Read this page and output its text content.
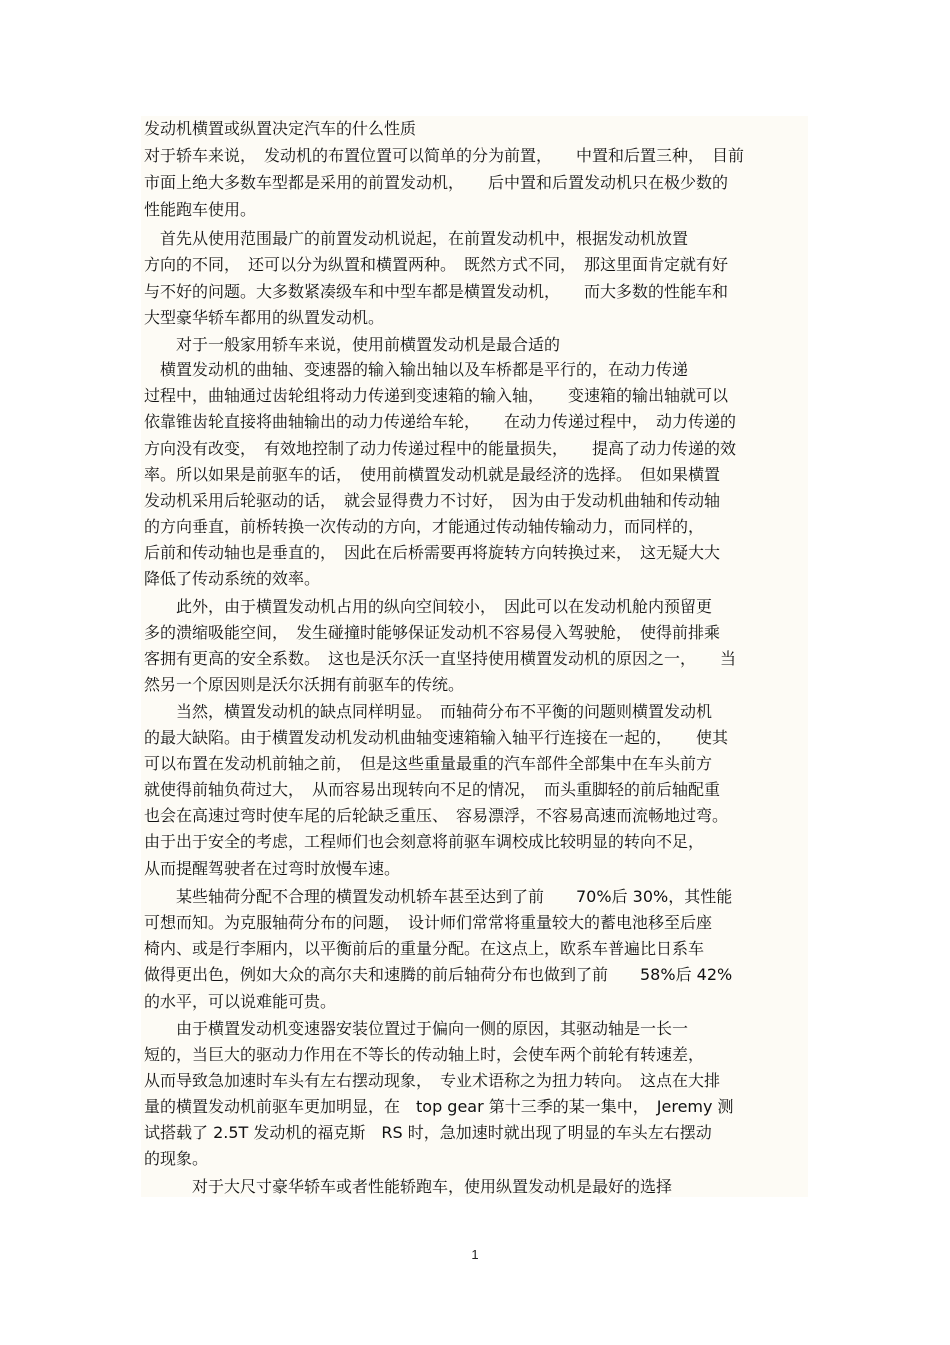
发动机横置或纵置决定汽车的什么性质
对于轿车来说，　发动机的布置位置可以简单的分为前置，　　中置和后置三种，　目前
市面上绝大多数车型都是采用的前置发动机，　　后中置和后置发动机只在极少数的
性能跑车使用。
　首先从使用范围最广的前置发动机说起，在前置发动机中，根据发动机放置
方向的不同，　还可以分为纵置和横置两种。　既然方式不同，　那这里面肯定就有好
与不好的问题。大多数紧凑级车和中型车都是横置发动机，　　而大多数的性能车和
大型豪华轿车都用的纵置发动机。
　　对于一般家用轿车来说，使用前横置发动机是最合适的
　横置发动机的曲轴、变速器的输入输出轴以及车桥都是平行的，在动力传递
过程中，曲轴通过齿轮组将动力传递到变速箱的输入轴，　　变速箱的输出轴就可以
依靠锥齿轮直接将曲轴输出的动力传递给车轮，　　在动力传递过程中，　动力传递的
方向没有改变，　有效地控制了动力传递过程中的能量损失，　　提高了动力传递的效
率。所以如果是前驱车的话，　使用前横置发动机就是最经济的选择。　但如果横置
发动机采用后轮驱动的话，　就会显得费力不讨好，　因为由于发动机曲轴和传动轴
的方向垂直，前桥转换一次传动的方向，才能通过传动轴传输动力，而同样的，
后前和传动轴也是垂直的，　因此在后桥需要再将旋转方向转换过来，　这无疑大大
降低了传动系统的效率。
　　此外，由于横置发动机占用的纵向空间较小，　因此可以在发动机舱内预留更
多的溃缩吸能空间，　发生碰撞时能够保证发动机不容易侵入驾驶舱，　使得前排乘
客拥有更高的安全系数。　这也是沃尔沃一直坚持使用横置发动机的原因之一，　　当
然另一个原因则是沃尔沃拥有前驱车的传统。
　　当然，横置发动机的缺点同样明显。　而轴荷分布不平衡的问题则横置发动机
的最大缺陷。由于横置发动机发动机曲轴变速箱输入轴平行连接在一起的，　　使其
可以布置在发动机前轴之前，　但是这些重量最重的汽车部件全部集中在车头前方
就使得前轴负荷过大，　从而容易出现转向不足的情况，　而头重脚轻的前后轴配重
也会在高速过弯时使车尾的后轮缺乏重压、　容易漂浮，不容易高速而流畅地过弯。
由于出于安全的考虑，工程师们也会刻意将前驱车调校成比较明显的转向不足，
从而提醒驾驶者在过弯时放慢车速。
　　某些轴荷分配不合理的横置发动机轿车甚至达到了前　　70%后 30%，其性能
可想而知。为克服轴荷分布的问题，　设计师们常常将重量较大的蓄电池移至后座
椅内、或是行李厢内，以平衡前后的重量分配。在这点上，欧系车普遍比日系车
做得更出色，例如大众的高尔夫和速腾的前后轴荷分布也做到了前　　58%后 42%
的水平，可以说难能可贵。
　　由于横置发动机变速器安装位置过于偏向一侧的原因，其驱动轴是一长一
短的，当巨大的驱动力作用在不等长的传动轴上时，会使车两个前轮有转速差，
从而导致急加速时车头有左右摆动现象，　专业术语称之为扭力转向。　这点在大排
量的横置发动机前驱车更加明显，在　top gear 第十三季的某一集中，　Jeremy 测
试搭载了 2.5T 发动机的福克斯　RS 时，急加速时就出现了明显的车头左右摆动
的现象。
　　　对于大尺寸豪华轿车或者性能轿跑车，使用纵置发动机是最好的选择
1
